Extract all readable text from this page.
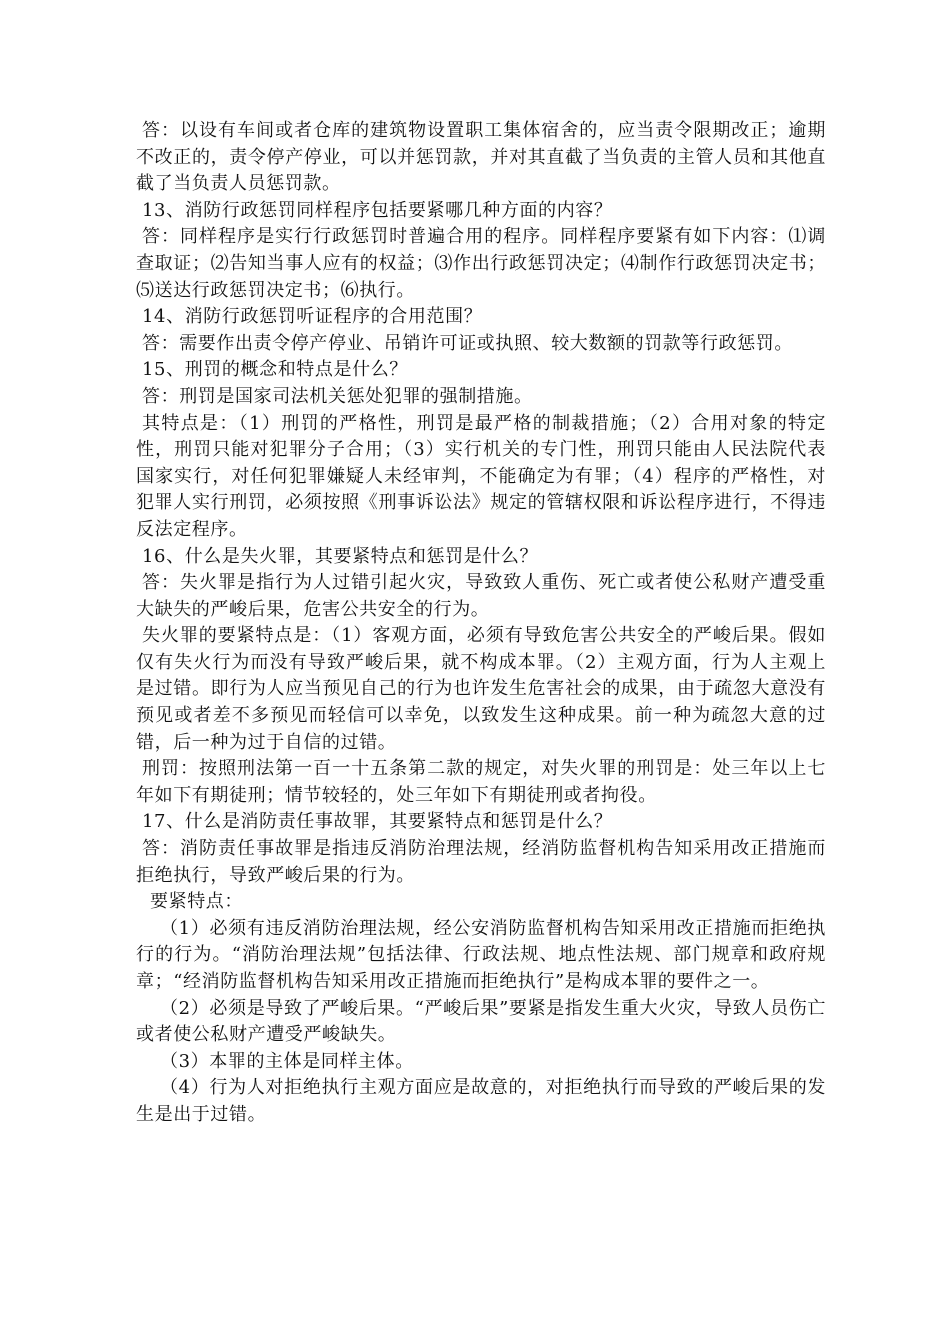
答：以设有车间或者仓库的建筑物设置职工集体宿舍的，应当责令限期改正；逾期不改正的，责令停产停业，可以并惩罚款，并对其直截了当负责的主管人员和其他直截了当负责人员惩罚款。

13、消防行政惩罚同样程序包括要紧哪几种方面的内容？

答：同样程序是实行行政惩罚时普遍合用的程序。同样程序要紧有如下内容：⑴调查取证；⑵告知当事人应有的权益；⑶作出行政惩罚决定；⑷制作行政惩罚决定书；⑸送达行政惩罚决定书；⑹执行。

14、消防行政惩罚听证程序的合用范围？

答：需要作出责令停产停业、吊销许可证或执照、较大数额的罚款等行政惩罚。

15、刑罚的概念和特点是什么？

答：刑罚是国家司法机关惩处犯罪的强制措施。

其特点是：（1）刑罚的严格性，刑罚是最严格的制裁措施；（2）合用对象的特定性，刑罚只能对犯罪分子合用；（3）实行机关的专门性，刑罚只能由人民法院代表国家实行，对任何犯罪嫌疑人未经审判，不能确定为有罪；（4）程序的严格性，对犯罪人实行刑罚，必须按照《刑事诉讼法》规定的管辖权限和诉讼程序进行，不得违反法定程序。

16、什么是失火罪，其要紧特点和惩罚是什么？

答：失火罪是指行为人过错引起火灾，导致致人重伤、死亡或者使公私财产遭受重大缺失的严峻后果，危害公共安全的行为。

失火罪的要紧特点是：（1）客观方面，必须有导致危害公共安全的严峻后果。假如仅有失火行为而没有导致严峻后果，就不构成本罪。（2）主观方面，行为人主观上是过错。即行为人应当预见自己的行为也许发生危害社会的成果，由于疏忽大意没有预见或者差不多预见而轻信可以幸免，以致发生这种成果。前一种为疏忽大意的过错，后一种为过于自信的过错。

刑罚：按照刑法第一百一十五条第二款的规定，对失火罪的刑罚是：处三年以上七年如下有期徒刑；情节较轻的，处三年如下有期徒刑或者拘役。

17、什么是消防责任事故罪，其要紧特点和惩罚是什么？

答：消防责任事故罪是指违反消防治理法规，经消防监督机构告知采用改正措施而拒绝执行，导致严峻后果的行为。

要紧特点：

（1）必须有违反消防治理法规，经公安消防监督机构告知采用改正措施而拒绝执行的行为。“消防治理法规”包括法律、行政法规、地点性法规、部门规章和政府规章；“经消防监督机构告知采用改正措施而拒绝执行”是构成本罪的要件之一。

（2）必须是导致了严峻后果。“严峻后果”要紧是指发生重大火灾，导致人员伤亡或者使公私财产遭受严峻缺失。

（3）本罪的主体是同样主体。

（4）行为人对拒绝执行主观方面应是故意的，对拒绝执行而导致的严峻后果的发生是出于过错。
